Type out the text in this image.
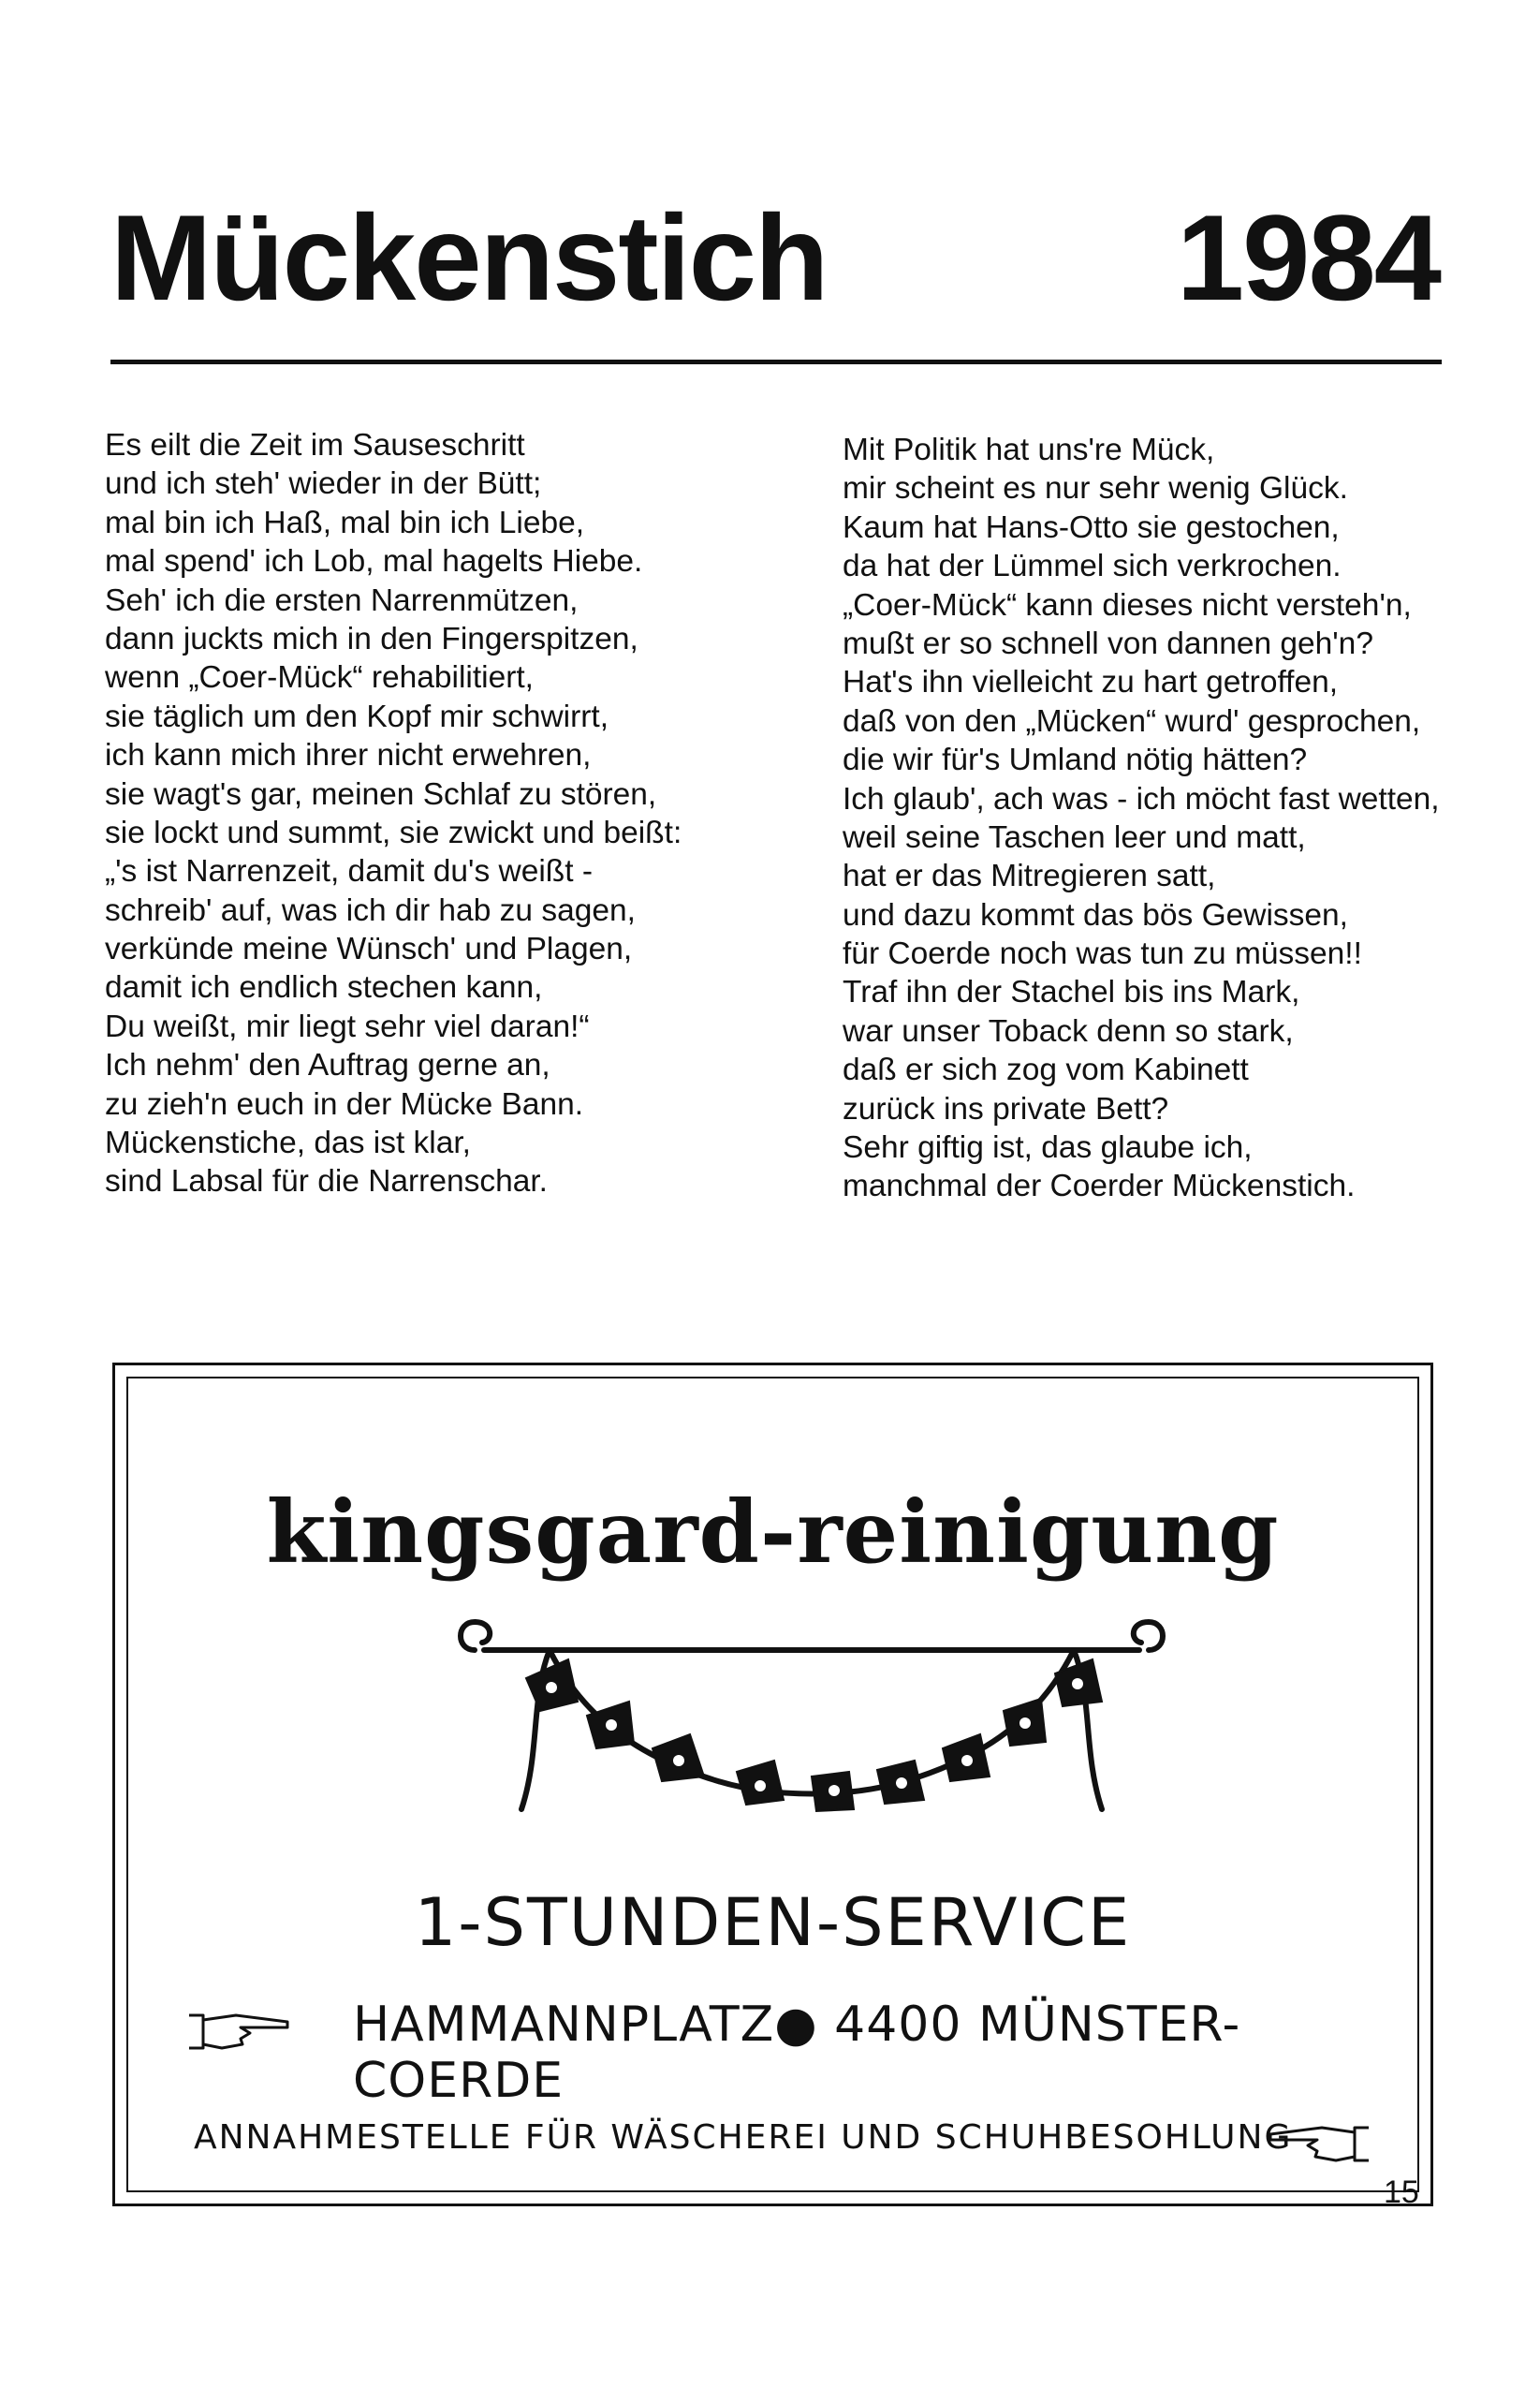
Mückenstich	1984
Es eilt die Zeit im Sauseschritt
und ich steh' wieder in der Bütt;
mal bin ich Haß, mal bin ich Liebe,
mal spend' ich Lob, mal hagelts Hiebe.
Seh' ich die ersten Narrenmützen,
dann juckts mich in den Fingerspitzen,
wenn „Coer-Mück“ rehabilitiert,
sie täglich um den Kopf mir schwirrt,
ich kann mich ihrer nicht erwehren,
sie wagt's gar, meinen Schlaf zu stören,
sie lockt und summt, sie zwickt und beißt:
„'s ist Narrenzeit, damit du's weißt -
schreib' auf, was ich dir hab zu sagen,
verkünde meine Wünsch' und Plagen,
damit ich endlich stechen kann,
Du weißt, mir liegt sehr viel daran!“
Ich nehm' den Auftrag gerne an,
zu zieh'n euch in der Mücke Bann.
Mückenstiche, das ist klar,
sind Labsal für die Narrenschar.
Mit Politik hat uns're Mück,
mir scheint es nur sehr wenig Glück.
Kaum hat Hans-Otto sie gestochen,
da hat der Lümmel sich verkrochen.
„Coer-Mück“ kann dieses nicht versteh'n,
mußt er so schnell von dannen geh'n?
Hat's ihn vielleicht zu hart getroffen,
daß von den „Mücken“ wurd' gesprochen,
die wir für's Umland nötig hätten?
Ich glaub', ach was - ich möcht fast wetten,
weil seine Taschen leer und matt,
hat er das Mitregieren satt,
und dazu kommt das bös Gewissen,
für Coerde noch was tun zu müssen!!
Traf ihn der Stachel bis ins Mark,
war unser Toback denn so stark,
daß er sich zog vom Kabinett
zurück ins private Bett?
Sehr giftig ist, das glaube ich,
manchmal der Coerder Mückenstich.
kingsgard-reinigung
1-STUNDEN-SERVICE
HAMMANNPLATZ● 4400 MÜNSTER-COERDE
ANNAHMESTELLE FÜR WÄSCHEREI UND SCHUHBESOHLUNG
15
